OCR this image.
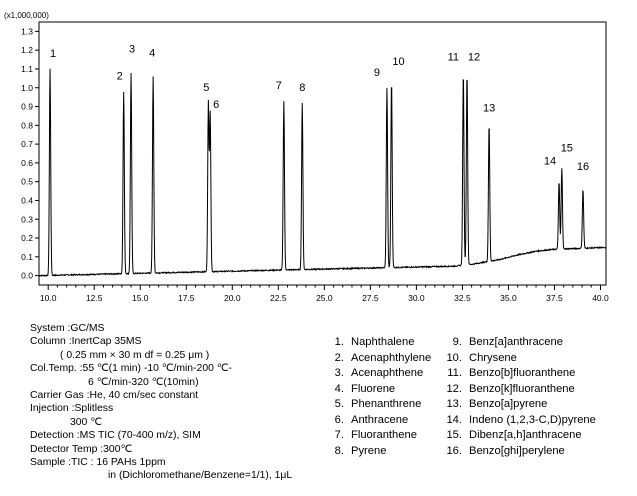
(x1,000,000)
0.0
0.1
0.2
0.3
0.4
0.5
0.6
0.7
0.8
0.9
1.0
1.1
1.2
1.3
10.0	12.5	15.0	17.5	20.0	22.5	25.0	27.5	30.0	32.5	35.0	37.5	40.0
1
2
3 4
5
6
7 8
9
10	11 12
13
14
15
16
System : GC/MS
Column : InertCap 35MS
( 0.25 mm × 30 m df = 0.25 μm )
Col.Temp. : 55 ℃(1 min) -10 ℃/min-200 ℃-
6 ℃/min-320 ℃(10min)
Carrier Gas : He, 40 cm/sec constant
Injection : Splitless
300 ℃
Detection : MS TIC (70-400 m/z), SIM
Detector Temp : 300℃
Sample : TIC : 16 PAHs 1ppm
in (Dichloromethane/Benzene=1/1), 1μL
1. Naphthalene
2. Acenaphthylene
3. Acenaphthene
4. Fluorene
5. Phenanthrene
6. Anthracene
7. Fluoranthene
8. Pyrene
9. Benz[a]anthracene
10. Chrysene
11. Benzo[b]fluoranthene
12. Benzo[k]fluoranthene
13. Benzo[a]pyrene
14. Indeno (1,2,3-C,D)pyrene
15. Dibenz[a,h]anthracene
16. Benzo[ghi]perylene
